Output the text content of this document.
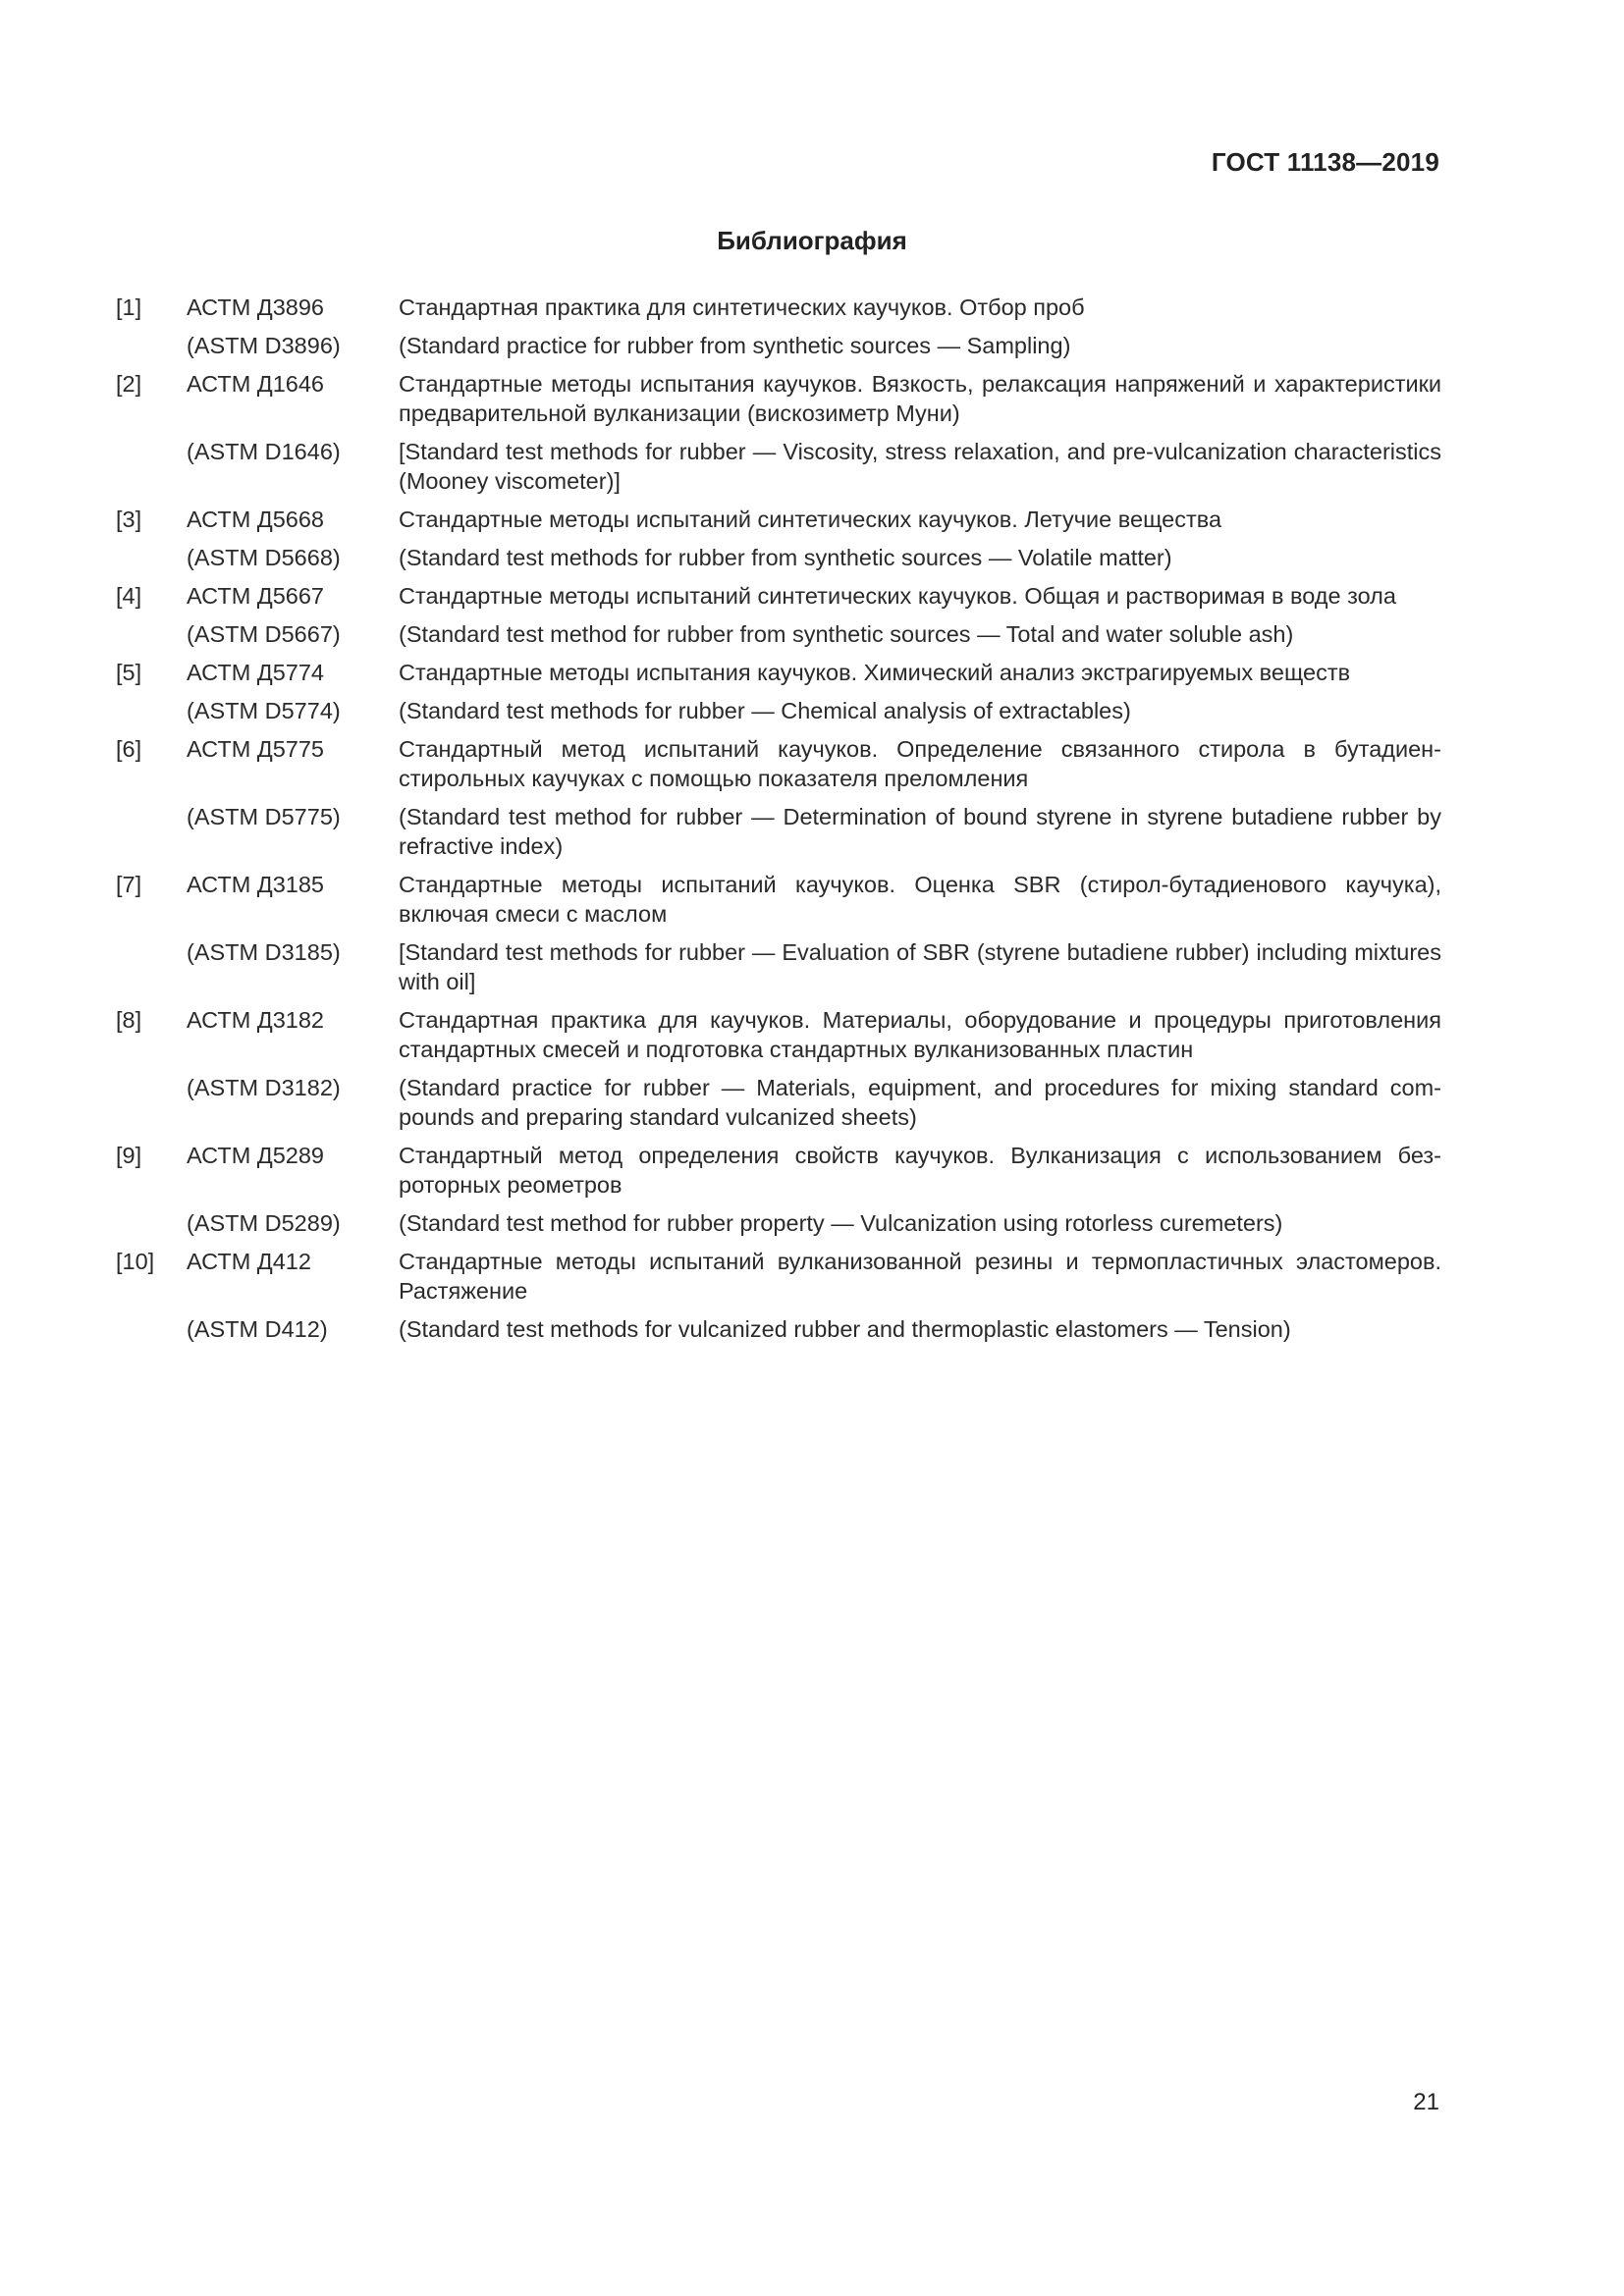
ГОСТ 11138—2019
Библиография
[1]	АСТМ Д3896	Стандартная практика для синтетических каучуков. Отбор проб
	(ASTM D3896)	(Standard practice for rubber from synthetic sources — Sampling)
[2]	АСТМ Д1646	Стандартные методы испытания каучуков. Вязкость, релаксация напряжений и характеристики предварительной вулканизации (вискозиметр Муни)
	(ASTM D1646)	[Standard test methods for rubber — Viscosity, stress relaxation, and pre-vulcanization characteristics (Mooney viscometer)]
[3]	АСТМ Д5668	Стандартные методы испытаний синтетических каучуков. Летучие вещества
	(ASTM D5668)	(Standard test methods for rubber from synthetic sources — Volatile matter)
[4]	АСТМ Д5667	Стандартные методы испытаний синтетических каучуков. Общая и растворимая в воде зола
	(ASTM D5667)	(Standard test method for rubber from synthetic sources — Total and water soluble ash)
[5]	АСТМ Д5774	Стандартные методы испытания каучуков. Химический анализ экстрагируемых веществ
	(ASTM D5774)	(Standard test methods for rubber — Chemical analysis of extractables)
[6]	АСТМ Д5775	Стандартный метод испытаний каучуков. Определение связанного стирола в бутадиенстирольных каучуках с помощью показателя преломления
	(ASTM D5775)	(Standard test method for rubber — Determination of bound styrene in styrene butadiene rubber by refractive index)
[7]	АСТМ Д3185	Стандартные методы испытаний каучуков. Оценка SBR (стирол-бутадиенового каучука), включая смеси с маслом
	(ASTM D3185)	[Standard test methods for rubber — Evaluation of SBR (styrene butadiene rubber) including mixtures with oil]
[8]	АСТМ Д3182	Стандартная практика для каучуков. Материалы, оборудование и процедуры приготовления стандартных смесей и подготовка стандартных вулканизованных пластин
	(ASTM D3182)	(Standard practice for rubber — Materials, equipment, and procedures for mixing standard compounds and preparing standard vulcanized sheets)
[9]	АСТМ Д5289	Стандартный метод определения свойств каучуков. Вулканизация с использованием безроторных реометров
	(ASTM D5289)	(Standard test method for rubber property — Vulcanization using rotorless curemeters)
[10]	АСТМ Д412	Стандартные методы испытаний вулканизованной резины и термопластичных эластомеров. Растяжение
	(ASTM D412)	(Standard test methods for vulcanized rubber and thermoplastic elastomers — Tension)
21
